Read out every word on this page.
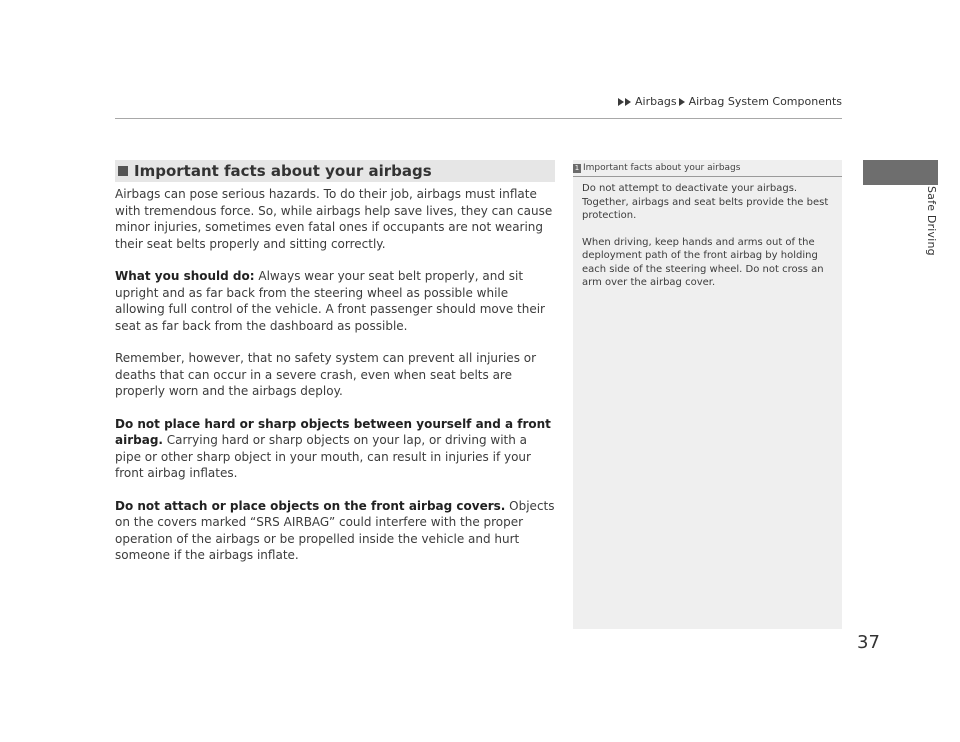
Airbags Airbag System Components
Safe Driving
Important facts about your airbags

Airbags can pose serious hazards. To do their job, airbags must inflate with tremendous force. So, while airbags help save lives, they can cause minor injuries, sometimes even fatal ones if occupants are not wearing their seat belts properly and sitting correctly.

What you should do: Always wear your seat belt properly, and sit upright and as far back from the steering wheel as possible while allowing full control of the vehicle. A front passenger should move their seat as far back from the dashboard as possible.

Remember, however, that no safety system can prevent all injuries or deaths that can occur in a severe crash, even when seat belts are properly worn and the airbags deploy.

Do not place hard or sharp objects between yourself and a front airbag. Carrying hard or sharp objects on your lap, or driving with a pipe or other sharp object in your mouth, can result in injuries if your front airbag inflates.

Do not attach or place objects on the front airbag covers. Objects on the covers marked “SRS AIRBAG” could interfere with the proper operation of the airbags or be propelled inside the vehicle and hurt someone if the airbags inflate.

1 Important facts about your airbags

Do not attempt to deactivate your airbags. Together, airbags and seat belts provide the best protection.

When driving, keep hands and arms out of the deployment path of the front airbag by holding each side of the steering wheel. Do not cross an arm over the airbag cover.

37
